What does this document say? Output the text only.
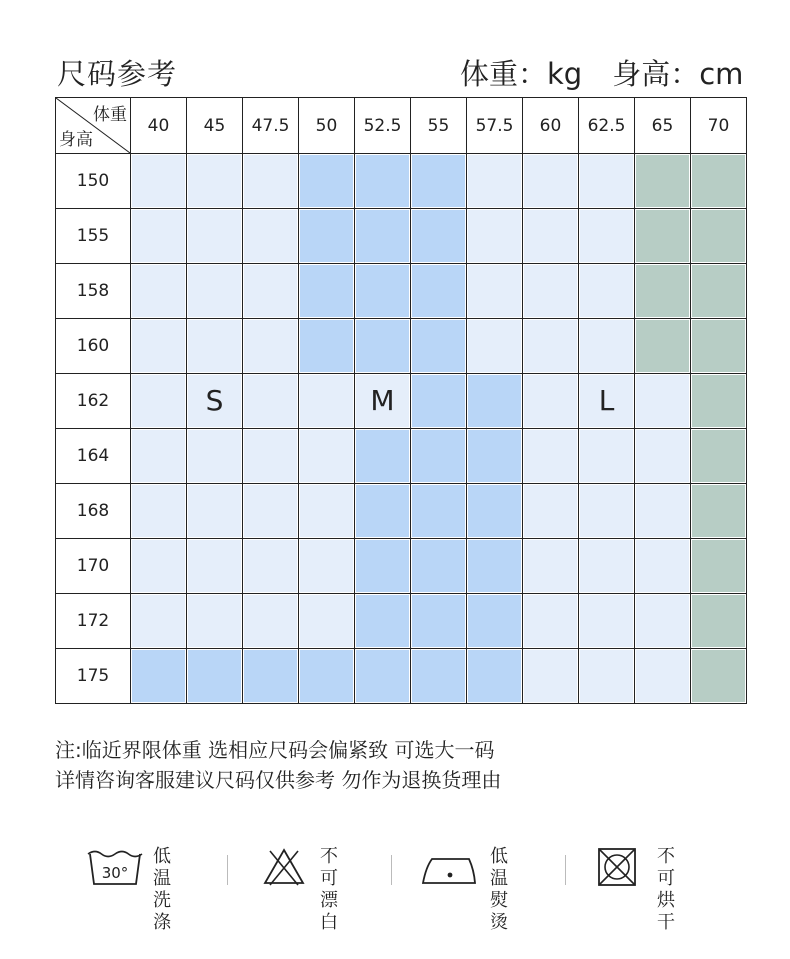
尺码参考	体重：kg 身高：cm
体重
身高	40	45	47.5	50	52.5	55	57.5	60	62.5	65	70
150	

155	

158	

160	

162		S			M				L	

164	

168	

170	

172	

175	

注:临近界限体重 选相应尺码会偏紧致 可选大一码
详情咨询客服建议尺码仅供参考 勿作为退换货理由
30°
低温
洗涤
不可
漂白
低温
熨烫
不可
烘干
